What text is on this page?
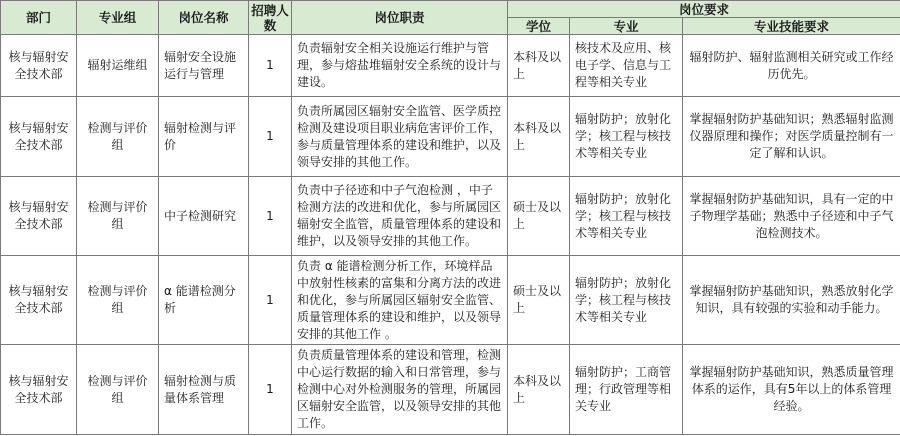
部门	专业组	岗位名称	招聘人数	岗位职责	岗位要求		
					学位	专业	专业技能要求
核与辐射安全技术部	辐射运维组	辐射安全设施运行与管理	1	负责辐射安全相关设施运行维护与管理，参与熔盐堆辐射安全系统的设计与建设。	本科及以上	核技术及应用、核电子学、信息与工程等相关专业	辐射防护、辐射监测相关研究或工作经历优先。
核与辐射安全技术部	检测与评价组	辐射检测与评价	1	负责所属园区辐射安全监管、医学质控检测及建设项目职业病危害评价工作，参与质量管理体系的建设和维护，以及领导安排的其他工作。	本科及以上	辐射防护；放射化学；核工程与核技术等相关专业	掌握辐射防护基础知识；熟悉辐射监测仪器原理和操作；对医学质量控制有一定了解和认识。
核与辐射安全技术部	检测与评价组	中子检测研究	1	负责中子径迹和中子气泡检测 ，中子检测方法的改进和优化，参与所属园区辐射安全监管，质量管理体系的建设和维护，以及领导安排的其他工作。	硕士及以上	辐射防护；放射化学；核工程与核技术等相关专业	掌握辐射防护基础知识，具有一定的中子物理学基础；熟悉中子径迹和中子气泡检测技术。
核与辐射安全技术部	检测与评价组	α 能谱检测分析	1	负责 α 能谱检测分析工作，环境样品中放射性核素的富集和分离方法的改进和优化，参与所属园区辐射安全监管、质量管理体系的建设和维护，以及领导安排的其他工作 。	硕士及以上	辐射防护；放射化学；核工程与核技术等相关专业	掌握辐射防护基础知识，熟悉放射化学知识，具有较强的实验和动手能力。
核与辐射安全技术部	检测与评价组	辐射检测与质量体系管理	1	负责质量管理体系的建设和管理，检测中心运行数据的输入和日常管理，参与检测中心对外检测服务的管理，所属园区辐射安全监管，以及领导安排的其他工作。	本科及以上	辐射防护；工商管理；行政管理等相关专业	掌握辐射防护基础知识，熟悉质量管理体系的运作，具有5年以上的体系管理经验。
